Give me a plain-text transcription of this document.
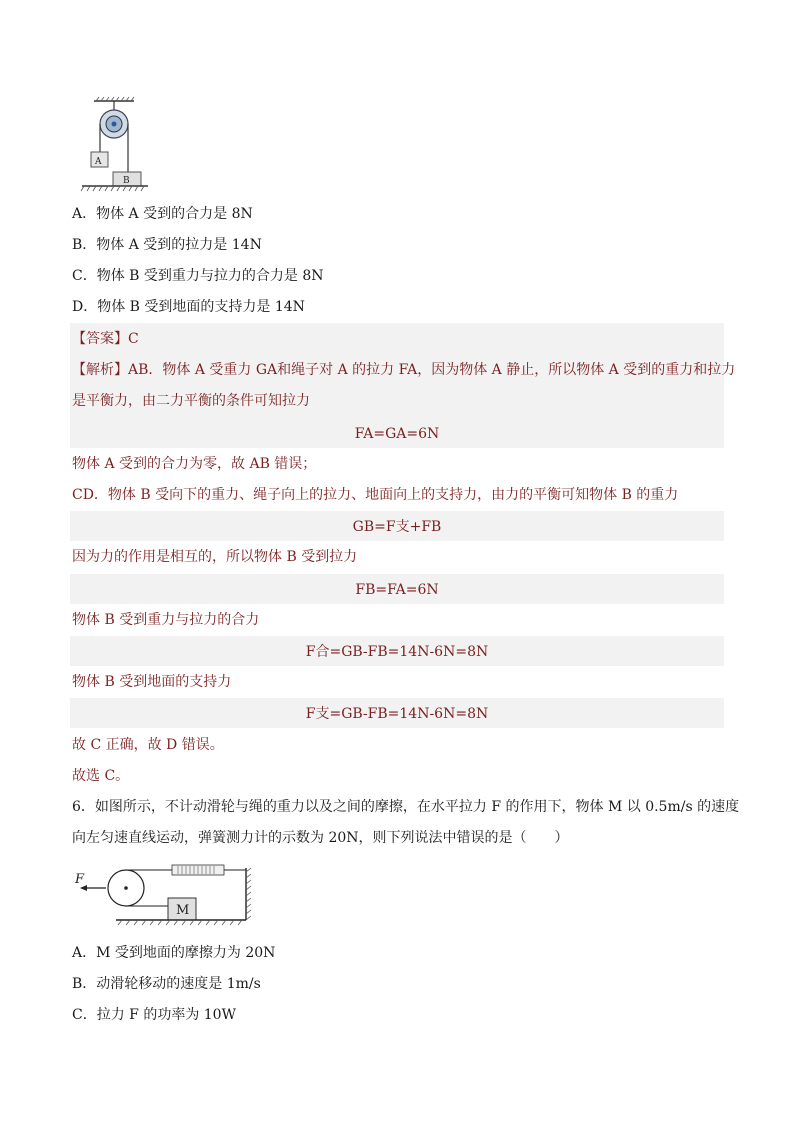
A
B
A．物体 A 受到的合力是 8N
B．物体 A 受到的拉力是 14N
C．物体 B 受到重力与拉力的合力是 8N
D．物体 B 受到地面的支持力是 14N
【答案】C
【解析】AB．物体 A 受重力 GA和绳子对 A 的拉力 FA，因为物体 A 静止，所以物体 A 受到的重力和拉力
是平衡力，由二力平衡的条件可知拉力
FA=GA=6N
物体 A 受到的合力为零，故 AB 错误；
CD．物体 B 受向下的重力、绳子向上的拉力、地面向上的支持力，由力的平衡可知物体 B 的重力
GB=F支+FB
因为力的作用是相互的，所以物体 B 受到拉力
FB=FA=6N
物体 B 受到重力与拉力的合力
F合=GB-FB=14N-6N=8N
物体 B 受到地面的支持力
F支=GB-FB=14N-6N=8N
故 C 正确，故 D 错误。
故选 C。
6．如图所示，不计动滑轮与绳的重力以及之间的摩擦，在水平拉力 F 的作用下，物体 M 以 0.5m/s 的速度
向左匀速直线运动，弹簧测力计的示数为 20N，则下列说法中错误的是（　　）
F
M
A．M 受到地面的摩擦力为 20N
B．动滑轮移动的速度是 1m/s
C．拉力 F 的功率为 10W
